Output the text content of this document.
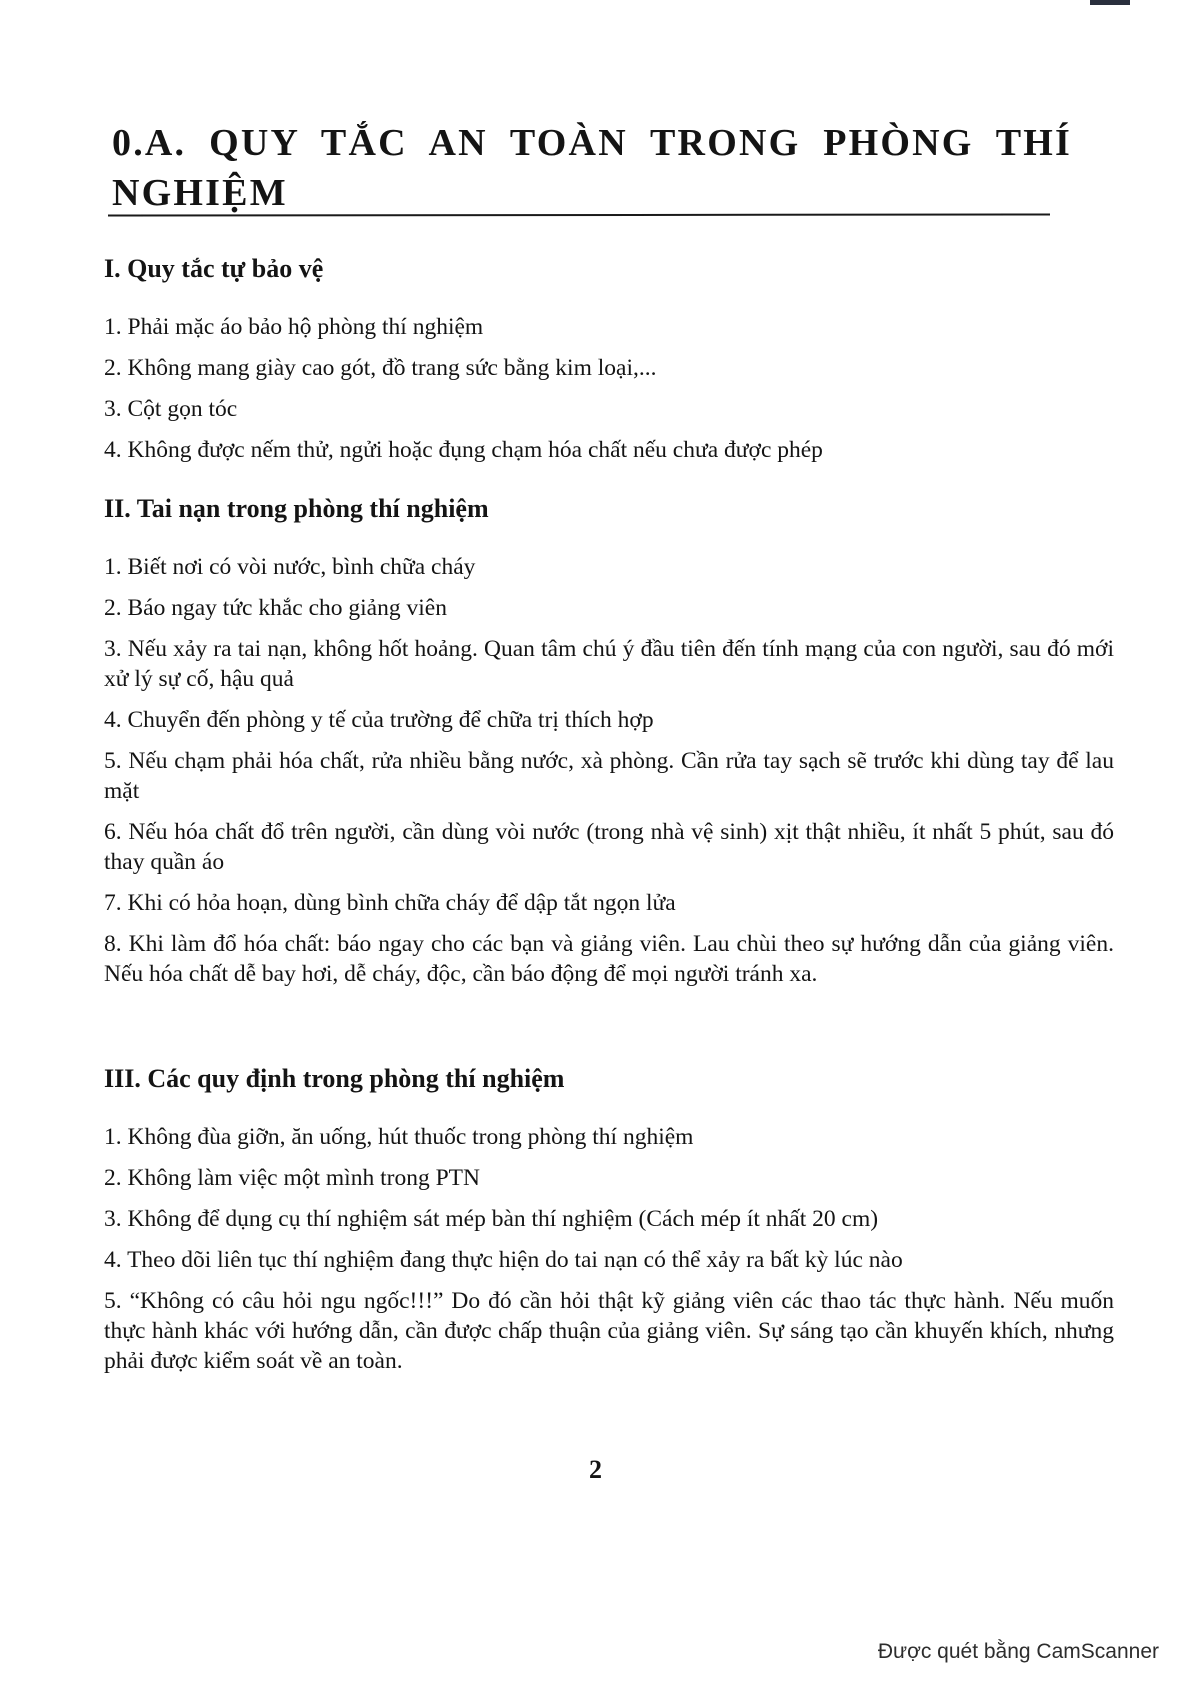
0.A. QUY TẮC AN TOÀN TRONG PHÒNG THÍ
NGHIỆM
I. Quy tắc tự bảo vệ
1. Phải mặc áo bảo hộ phòng thí nghiệm
2. Không mang giày cao gót, đồ trang sức bằng kim loại,...
3. Cột gọn tóc
4. Không được nếm thử, ngửi hoặc đụng chạm hóa chất nếu chưa được phép
II. Tai nạn trong phòng thí nghiệm
1. Biết nơi có vòi nước, bình chữa cháy
2. Báo ngay tức khắc cho giảng viên
3. Nếu xảy ra tai nạn, không hốt hoảng. Quan tâm chú ý đầu tiên đến tính mạng của con người, sau đó mới xử lý sự cố, hậu quả
4. Chuyển đến phòng y tế của trường để chữa trị thích hợp
5. Nếu chạm phải hóa chất, rửa nhiều bằng nước, xà phòng. Cần rửa tay sạch sẽ trước khi dùng tay để lau mặt
6. Nếu hóa chất đổ trên người, cần dùng vòi nước (trong nhà vệ sinh) xịt thật nhiều, ít nhất 5 phút, sau đó thay quần áo
7. Khi có hỏa hoạn, dùng bình chữa cháy để dập tắt ngọn lửa
8. Khi làm đổ hóa chất: báo ngay cho các bạn và giảng viên. Lau chùi theo sự hướng dẫn của giảng viên. Nếu hóa chất dễ bay hơi, dễ cháy, độc, cần báo động để mọi người tránh xa.
III. Các quy định trong phòng thí nghiệm
1. Không đùa giỡn, ăn uống, hút thuốc trong phòng thí nghiệm
2. Không làm việc một mình trong PTN
3. Không để dụng cụ thí nghiệm sát mép bàn thí nghiệm (Cách mép ít nhất 20 cm)
4. Theo dõi liên tục thí nghiệm đang thực hiện do tai nạn có thể xảy ra bất kỳ lúc nào
5. “Không có câu hỏi ngu ngốc!!!” Do đó cần hỏi thật kỹ giảng viên các thao tác thực hành. Nếu muốn thực hành khác với hướng dẫn, cần được chấp thuận của giảng viên. Sự sáng tạo cần khuyến khích, nhưng phải được kiểm soát về an toàn.
2
Được quét bằng CamScanner
